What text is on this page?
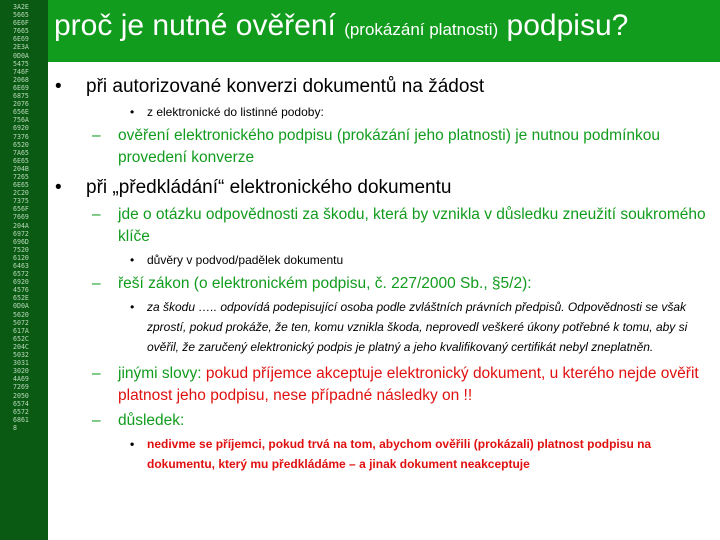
3A2E
5665
6E6F
7665
6E69
2E3A
0D0A
5475
746F
2068
6E69
6875
2076
656E
756A
6920
7376
6520
7A65
6E65
204B
7265
6E65
2C20
7375
656F
7669
204A
6972
696D
7520
6120
6463
6572
6920
4576
652E
0D0A
5620
5072
617A
652C
204C
5032
3031
3020
4A69
7269
2050
6574
6572
6861
8
proč je nutné ověření (prokázání platnosti) podpisu?
• při autorizované konverzi dokumentů na žádost
• z elektronické do listinné podoby:
– ověření elektronického podpisu (prokázání jeho platnosti) je nutnou podmínkou provedení konverze
• při „předkládání“ elektronického dokumentu
– jde o otázku odpovědnosti za škodu, která by vznikla v důsledku zneužití soukromého klíče
• důvěry v podvod/padělek dokumentu
– řeší zákon (o elektronickém podpisu, č. 227/2000 Sb., §5/2):
• za škodu ….. odpovídá podepisující osoba podle zvláštních právních předpisů. Odpovědnosti se však zprostí, pokud prokáže, že ten, komu vznikla škoda, neprovedl veškeré úkony potřebné k tomu, aby si ověřil, že zaručený elektronický podpis je platný a jeho kvalifikovaný certifikát nebyl zneplatněn.
– jinými slovy: pokud příjemce akceptuje elektronický dokument, u kterého nejde ověřit platnost jeho podpisu, nese případné následky on !!
– důsledek:
• nedivme se příjemci, pokud trvá na tom, abychom ověřili (prokázali) platnost podpisu na dokumentu, který mu předkládáme – a jinak dokument neakceptuje
